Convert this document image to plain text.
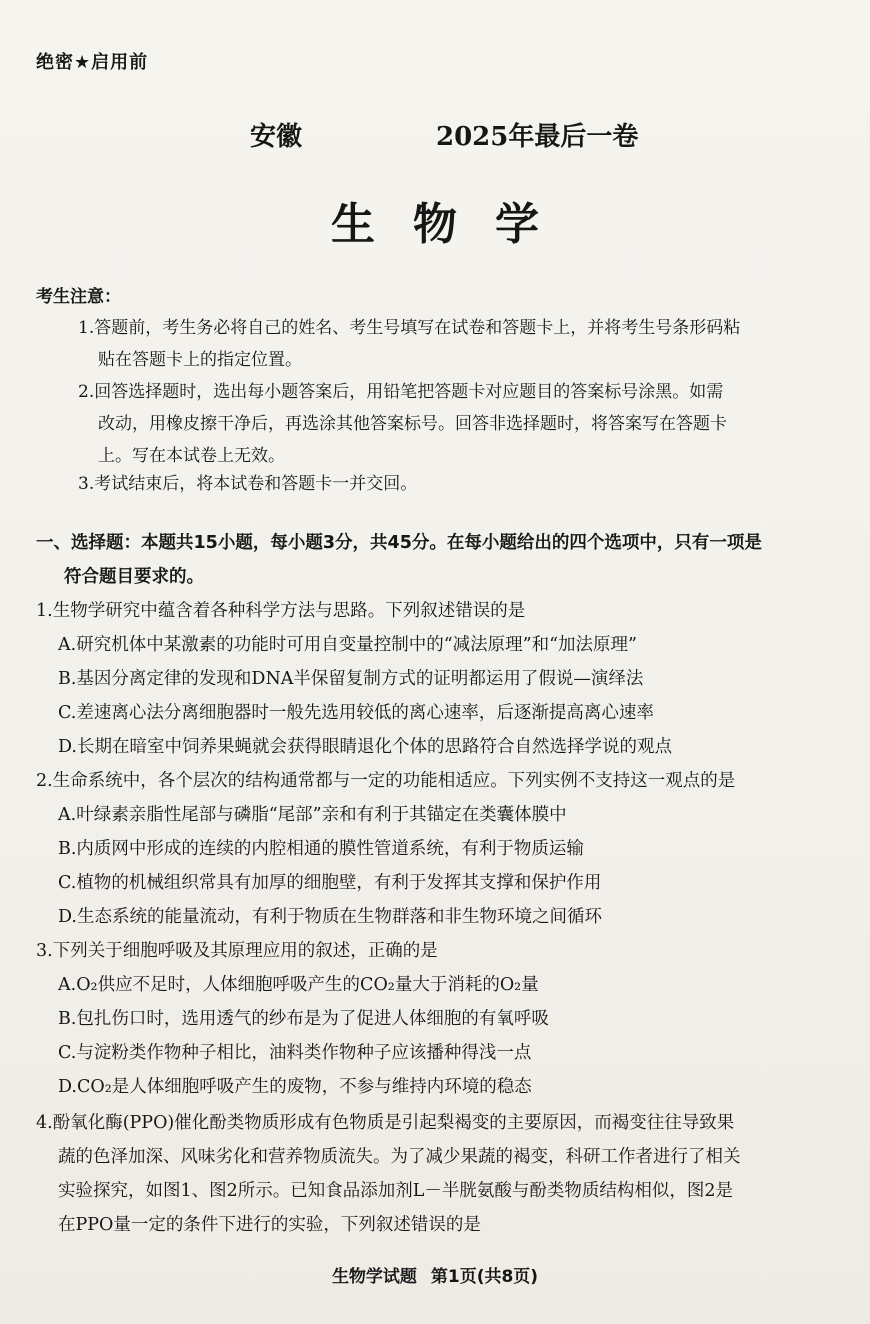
绝密★启用前
安徽	2025年最后一卷
生物学
考生注意：
1.答题前，考生务必将自己的姓名、考生号填写在试卷和答题卡上，并将考生号条形码粘
贴在答题卡上的指定位置。
2.回答选择题时，选出每小题答案后，用铅笔把答题卡对应题目的答案标号涂黑。如需
改动，用橡皮擦干净后，再选涂其他答案标号。回答非选择题时，将答案写在答题卡
上。写在本试卷上无效。
3.考试结束后，将本试卷和答题卡一并交回。
一、选择题：本题共15小题，每小题3分，共45分。在每小题给出的四个选项中，只有一项是
符合题目要求的。
1.生物学研究中蕴含着各种科学方法与思路。下列叙述错误的是
A.研究机体中某激素的功能时可用自变量控制中的“减法原理”和“加法原理”
B.基因分离定律的发现和DNA半保留复制方式的证明都运用了假说—演绎法
C.差速离心法分离细胞器时一般先选用较低的离心速率，后逐渐提高离心速率
D.长期在暗室中饲养果蝇就会获得眼睛退化个体的思路符合自然选择学说的观点
2.生命系统中，各个层次的结构通常都与一定的功能相适应。下列实例不支持这一观点的是
A.叶绿素亲脂性尾部与磷脂“尾部”亲和有利于其锚定在类囊体膜中
B.内质网中形成的连续的内腔相通的膜性管道系统，有利于物质运输
C.植物的机械组织常具有加厚的细胞壁，有利于发挥其支撑和保护作用
D.生态系统的能量流动，有利于物质在生物群落和非生物环境之间循环
3.下列关于细胞呼吸及其原理应用的叙述，正确的是
A.O₂供应不足时，人体细胞呼吸产生的CO₂量大于消耗的O₂量
B.包扎伤口时，选用透气的纱布是为了促进人体细胞的有氧呼吸
C.与淀粉类作物种子相比，油料类作物种子应该播种得浅一点
D.CO₂是人体细胞呼吸产生的废物，不参与维持内环境的稳态
4.酚氧化酶(PPO)催化酚类物质形成有色物质是引起梨褐变的主要原因，而褐变往往导致果
蔬的色泽加深、风味劣化和营养物质流失。为了减少果蔬的褐变，科研工作者进行了相关
实验探究，如图1、图2所示。已知食品添加剂L－半胱氨酸与酚类物质结构相似，图2是
在PPO量一定的条件下进行的实验，下列叙述错误的是
生物学试题 第1页(共8页)
